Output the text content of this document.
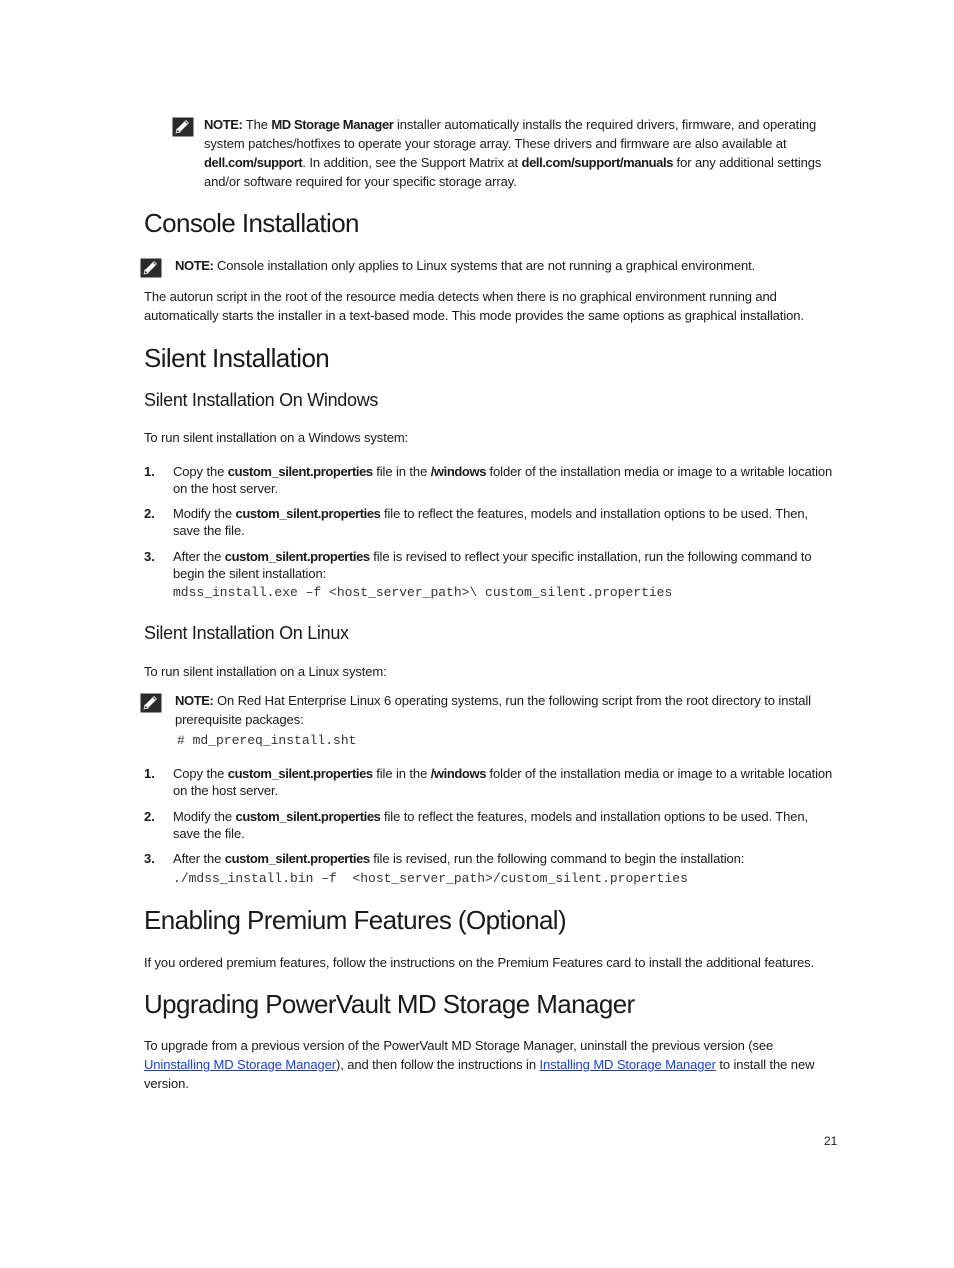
NOTE: The MD Storage Manager installer automatically installs the required drivers, firmware, and operating system patches/hotfixes to operate your storage array. These drivers and firmware are also available at dell.com/support. In addition, see the Support Matrix at dell.com/support/manuals for any additional settings and/or software required for your specific storage array.
Console Installation
NOTE: Console installation only applies to Linux systems that are not running a graphical environment.
The autorun script in the root of the resource media detects when there is no graphical environment running and automatically starts the installer in a text-based mode. This mode provides the same options as graphical installation.
Silent Installation
Silent Installation On Windows
To run silent installation on a Windows system:
1. Copy the custom_silent.properties file in the /windows folder of the installation media or image to a writable location on the host server.
2. Modify the custom_silent.properties file to reflect the features, models and installation options to be used. Then, save the file.
3. After the custom_silent.properties file is revised to reflect your specific installation, run the following command to begin the silent installation:
mdss_install.exe –f <host_server_path>\ custom_silent.properties
Silent Installation On Linux
To run silent installation on a Linux system:
NOTE: On Red Hat Enterprise Linux 6 operating systems, run the following script from the root directory to install prerequisite packages:
# md_prereq_install.sht
1. Copy the custom_silent.properties file in the /windows folder of the installation media or image to a writable location on the host server.
2. Modify the custom_silent.properties file to reflect the features, models and installation options to be used. Then, save the file.
3. After the custom_silent.properties file is revised, run the following command to begin the installation:
./mdss_install.bin –f  <host_server_path>/custom_silent.properties
Enabling Premium Features (Optional)
If you ordered premium features, follow the instructions on the Premium Features card to install the additional features.
Upgrading PowerVault MD Storage Manager
To upgrade from a previous version of the PowerVault MD Storage Manager, uninstall the previous version (see Uninstalling MD Storage Manager), and then follow the instructions in Installing MD Storage Manager to install the new version.
21
